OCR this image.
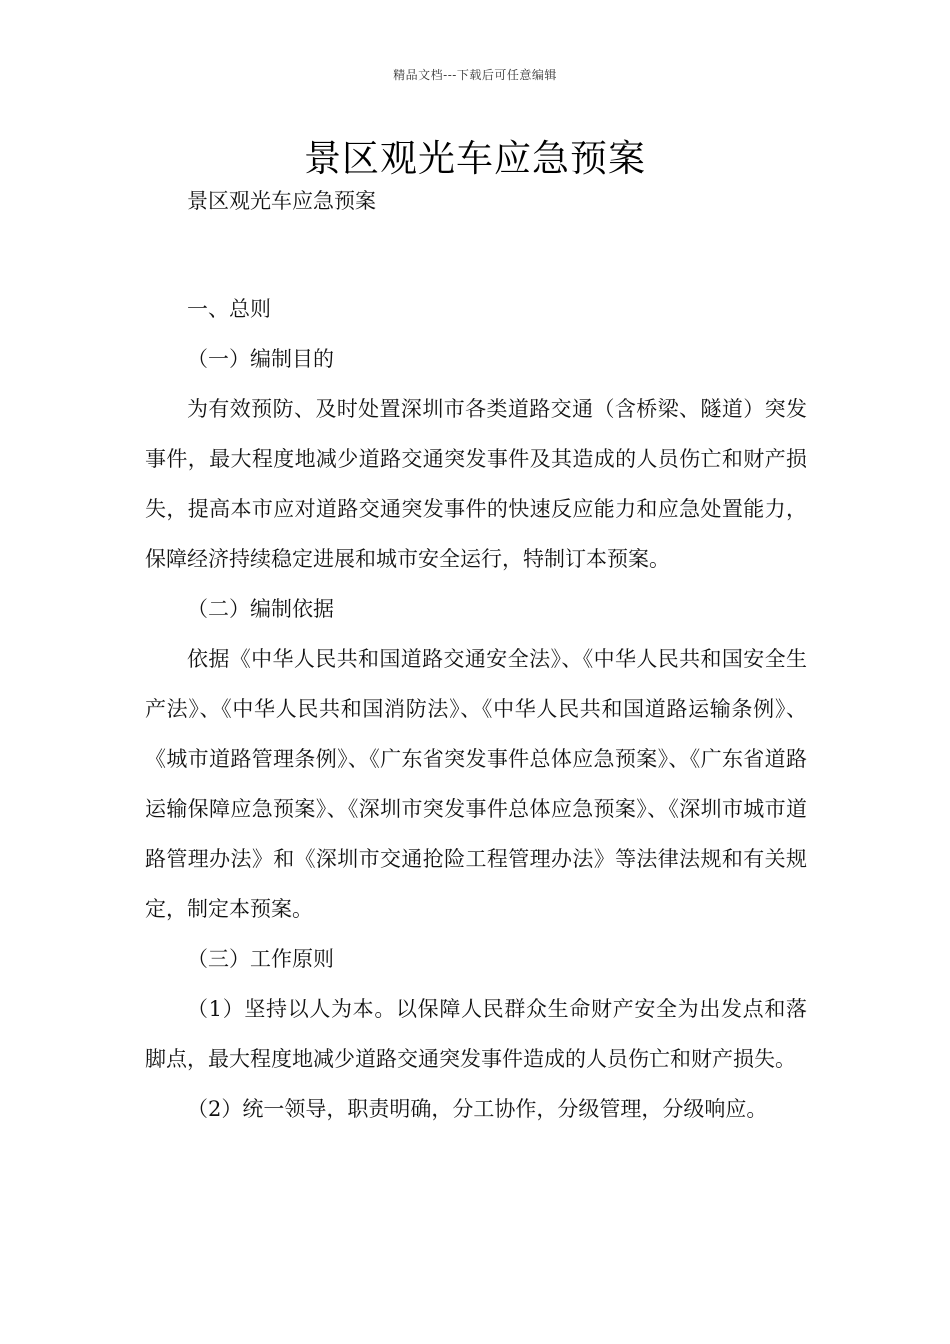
精品文档---下载后可任意编辑
景区观光车应急预案

景区观光车应急预案

一、总则

（一）编制目的

为有效预防、及时处置深圳市各类道路交通（含桥梁、隧道）突发事件，最大程度地减少道路交通突发事件及其造成的人员伤亡和财产损失，提高本市应对道路交通突发事件的快速反应能力和应急处置能力，保障经济持续稳定进展和城市安全运行，特制订本预案。

（二）编制依据

依据《中华人民共和国道路交通安全法》、《中华人民共和国安全生产法》、《中华人民共和国消防法》、《中华人民共和国道路运输条例》、《城市道路管理条例》、《广东省突发事件总体应急预案》、《广东省道路运输保障应急预案》、《深圳市突发事件总体应急预案》、《深圳市城市道路管理办法》和《深圳市交通抢险工程管理办法》等法律法规和有关规定，制定本预案。

（三）工作原则

（1）坚持以人为本。以保障人民群众生命财产安全为出发点和落脚点，最大程度地减少道路交通突发事件造成的人员伤亡和财产损失。

（2）统一领导，职责明确，分工协作，分级管理，分级响应。
